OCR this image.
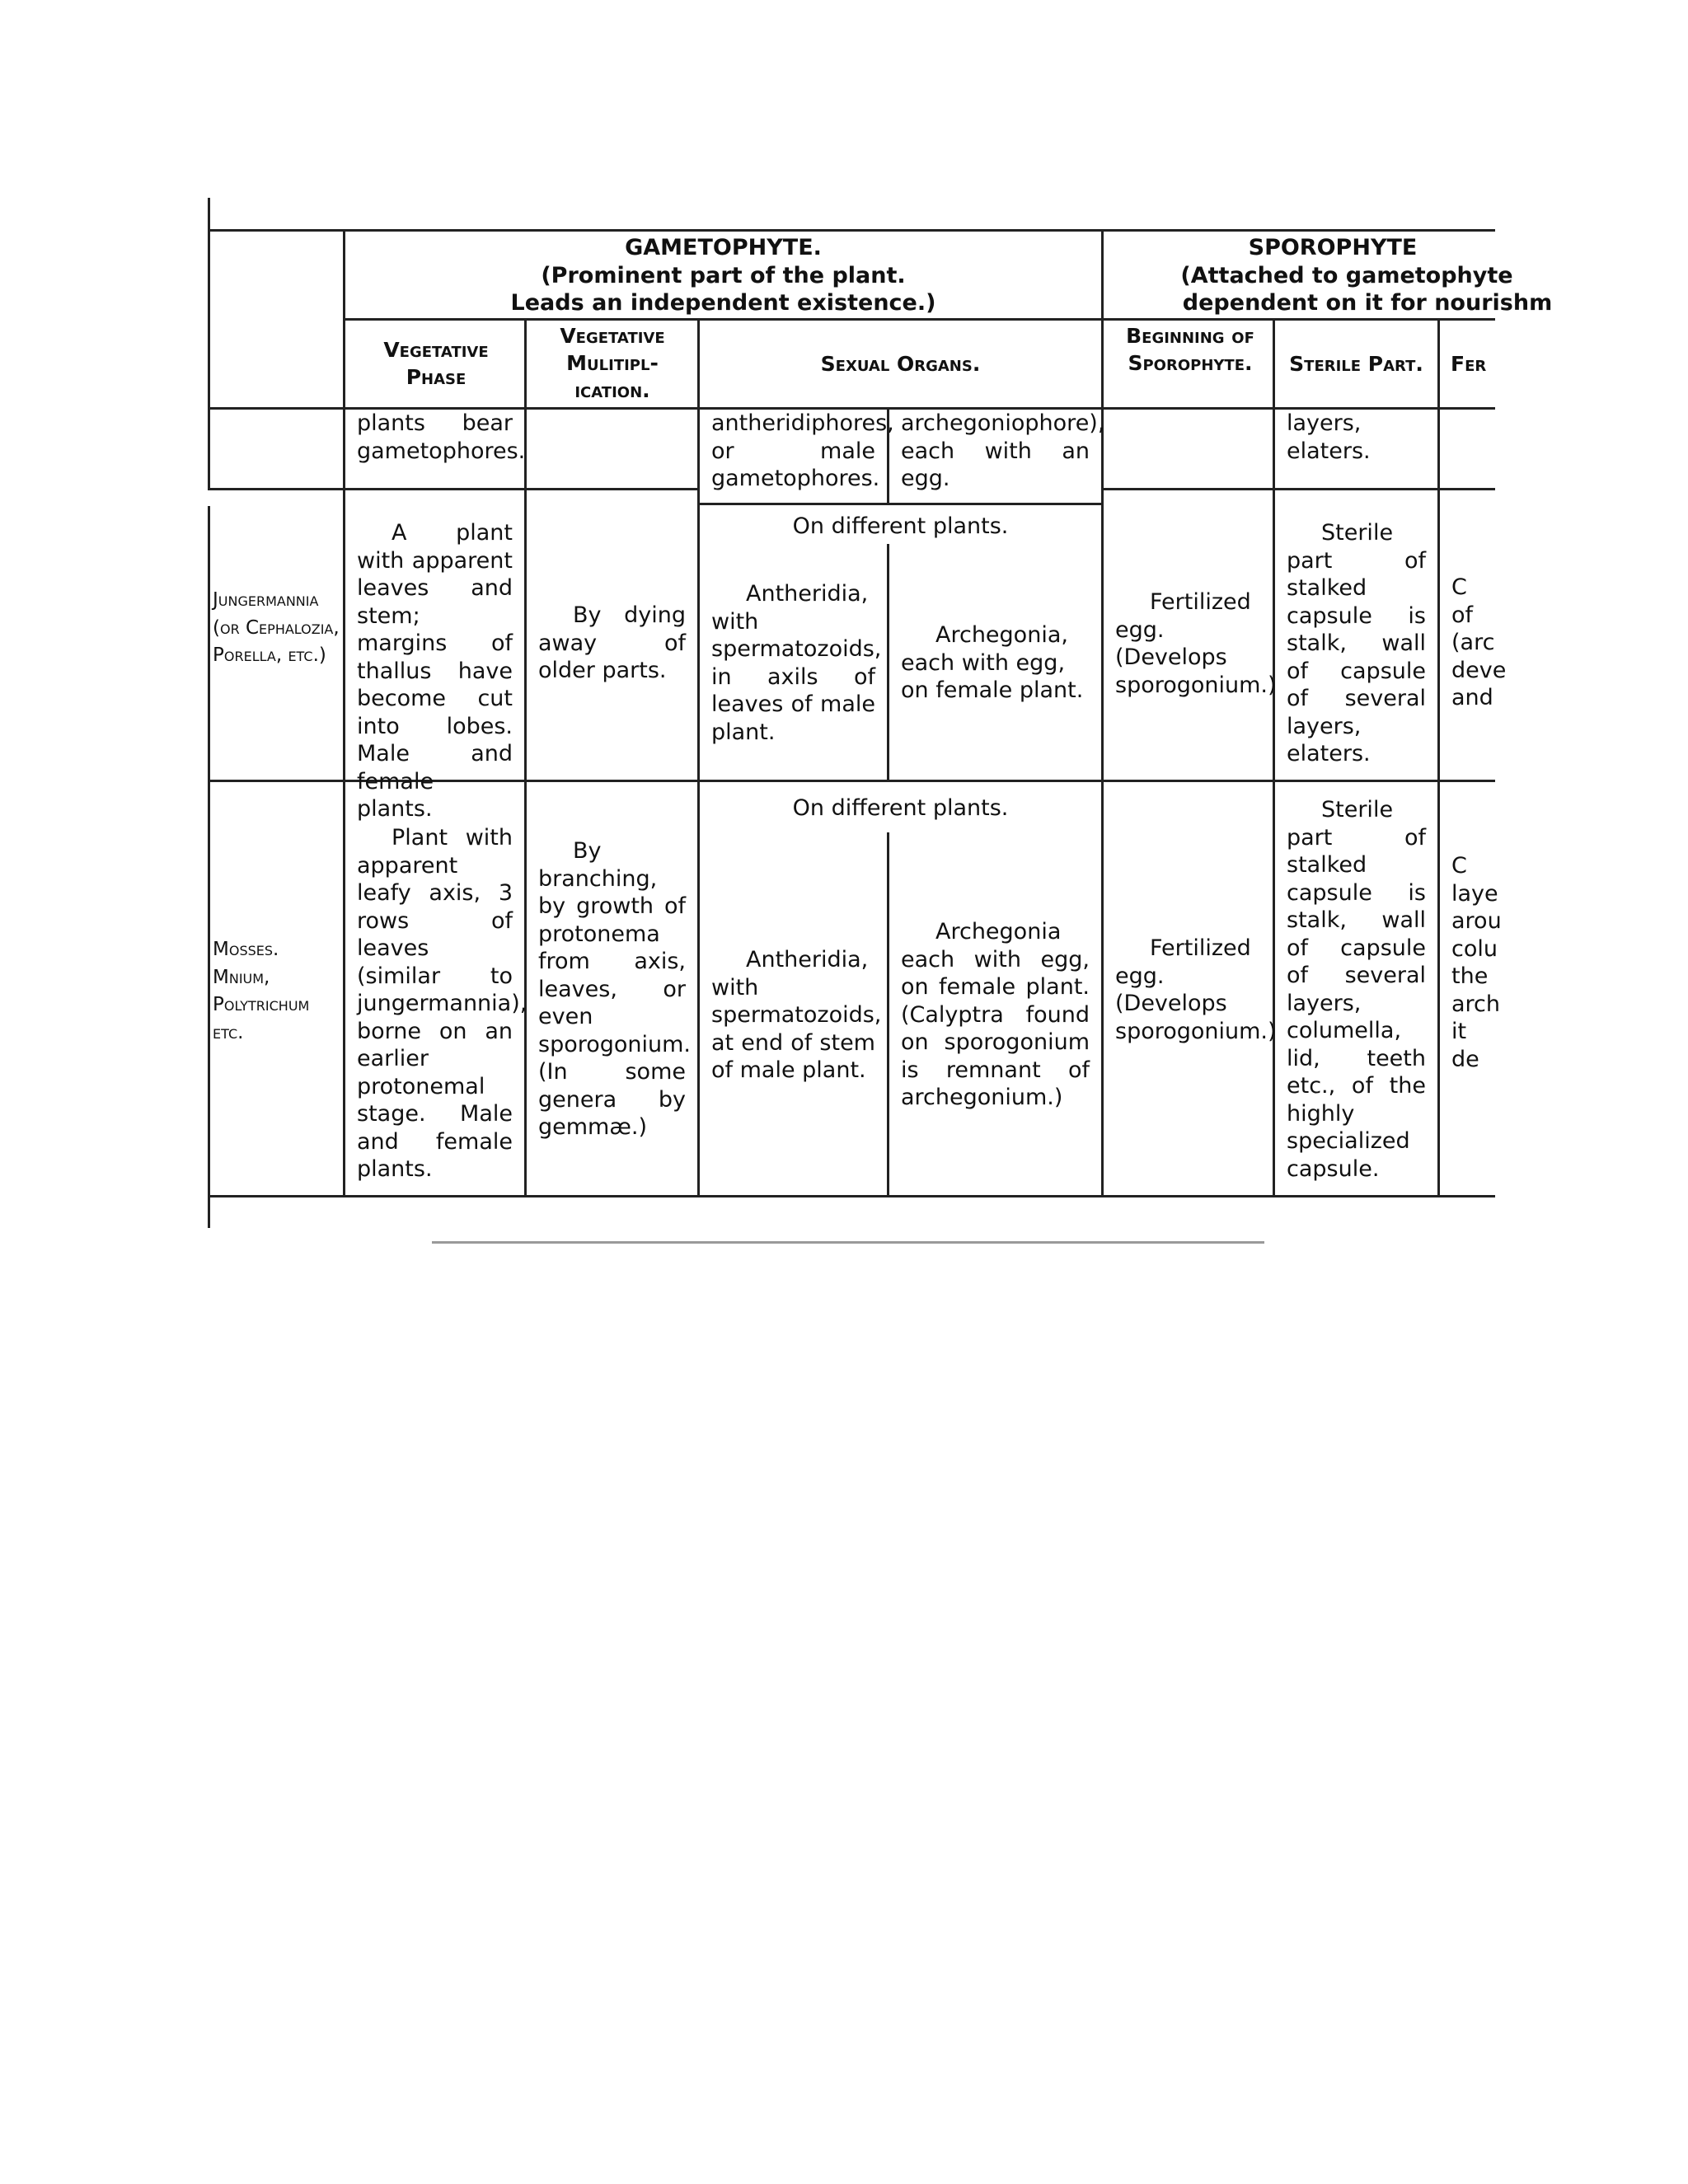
GAMETOPHYTE.
(Prominent part of the plant.
Leads an independent existence.)
SPOROPHYTE
(Attached to gametophyte
dependent on it for nourishm
Vegetative Phase
Vegetative Mulitipl- ication.
Sexual Organs.
Beginning of Sporophyte.	Sterile Part.	Fer
plants bear gametophores.
antheridiphores, or male gametophores.
archegoniophore), each with an egg.
layers, elaters.
Jungermannia (or Cephalozia, Porella, etc.)
A plant with apparent leaves and stem; margins of thallus have become cut into lobes. Male and female plants.
By dying away of older parts.
On different plants.
Antheridia, with spermatozoids, in axils of leaves of male plant.
Archegonia, each with egg, on female plant.
Fertilized egg. (Develops sporogonium.)
Sterile part of stalked capsule is stalk, wall of capsule of several layers, elaters.
C
of
(arc
deve
and
Mosses. Mnium, Polytrichum etc.
Plant with apparent leafy axis, 3 rows of leaves (similar to jungermannia), borne on an earlier protonemal stage. Male and female plants.
By branching, by growth of protonema from axis, leaves, or even sporogonium. (In some genera by gemmæ.)
On different plants.
Antheridia, with spermatozoids, at end of stem of male plant.
Archegonia each with egg, on female plant. (Calyptra found on sporogonium is remnant of archegonium.)
Fertilized egg. (Develops sporogonium.)
Sterile part of stalked capsule is stalk, wall of capsule of several layers, columella, lid, teeth etc., of the highly specialized capsule.
C
laye
arou
colu
the
arch
it de
